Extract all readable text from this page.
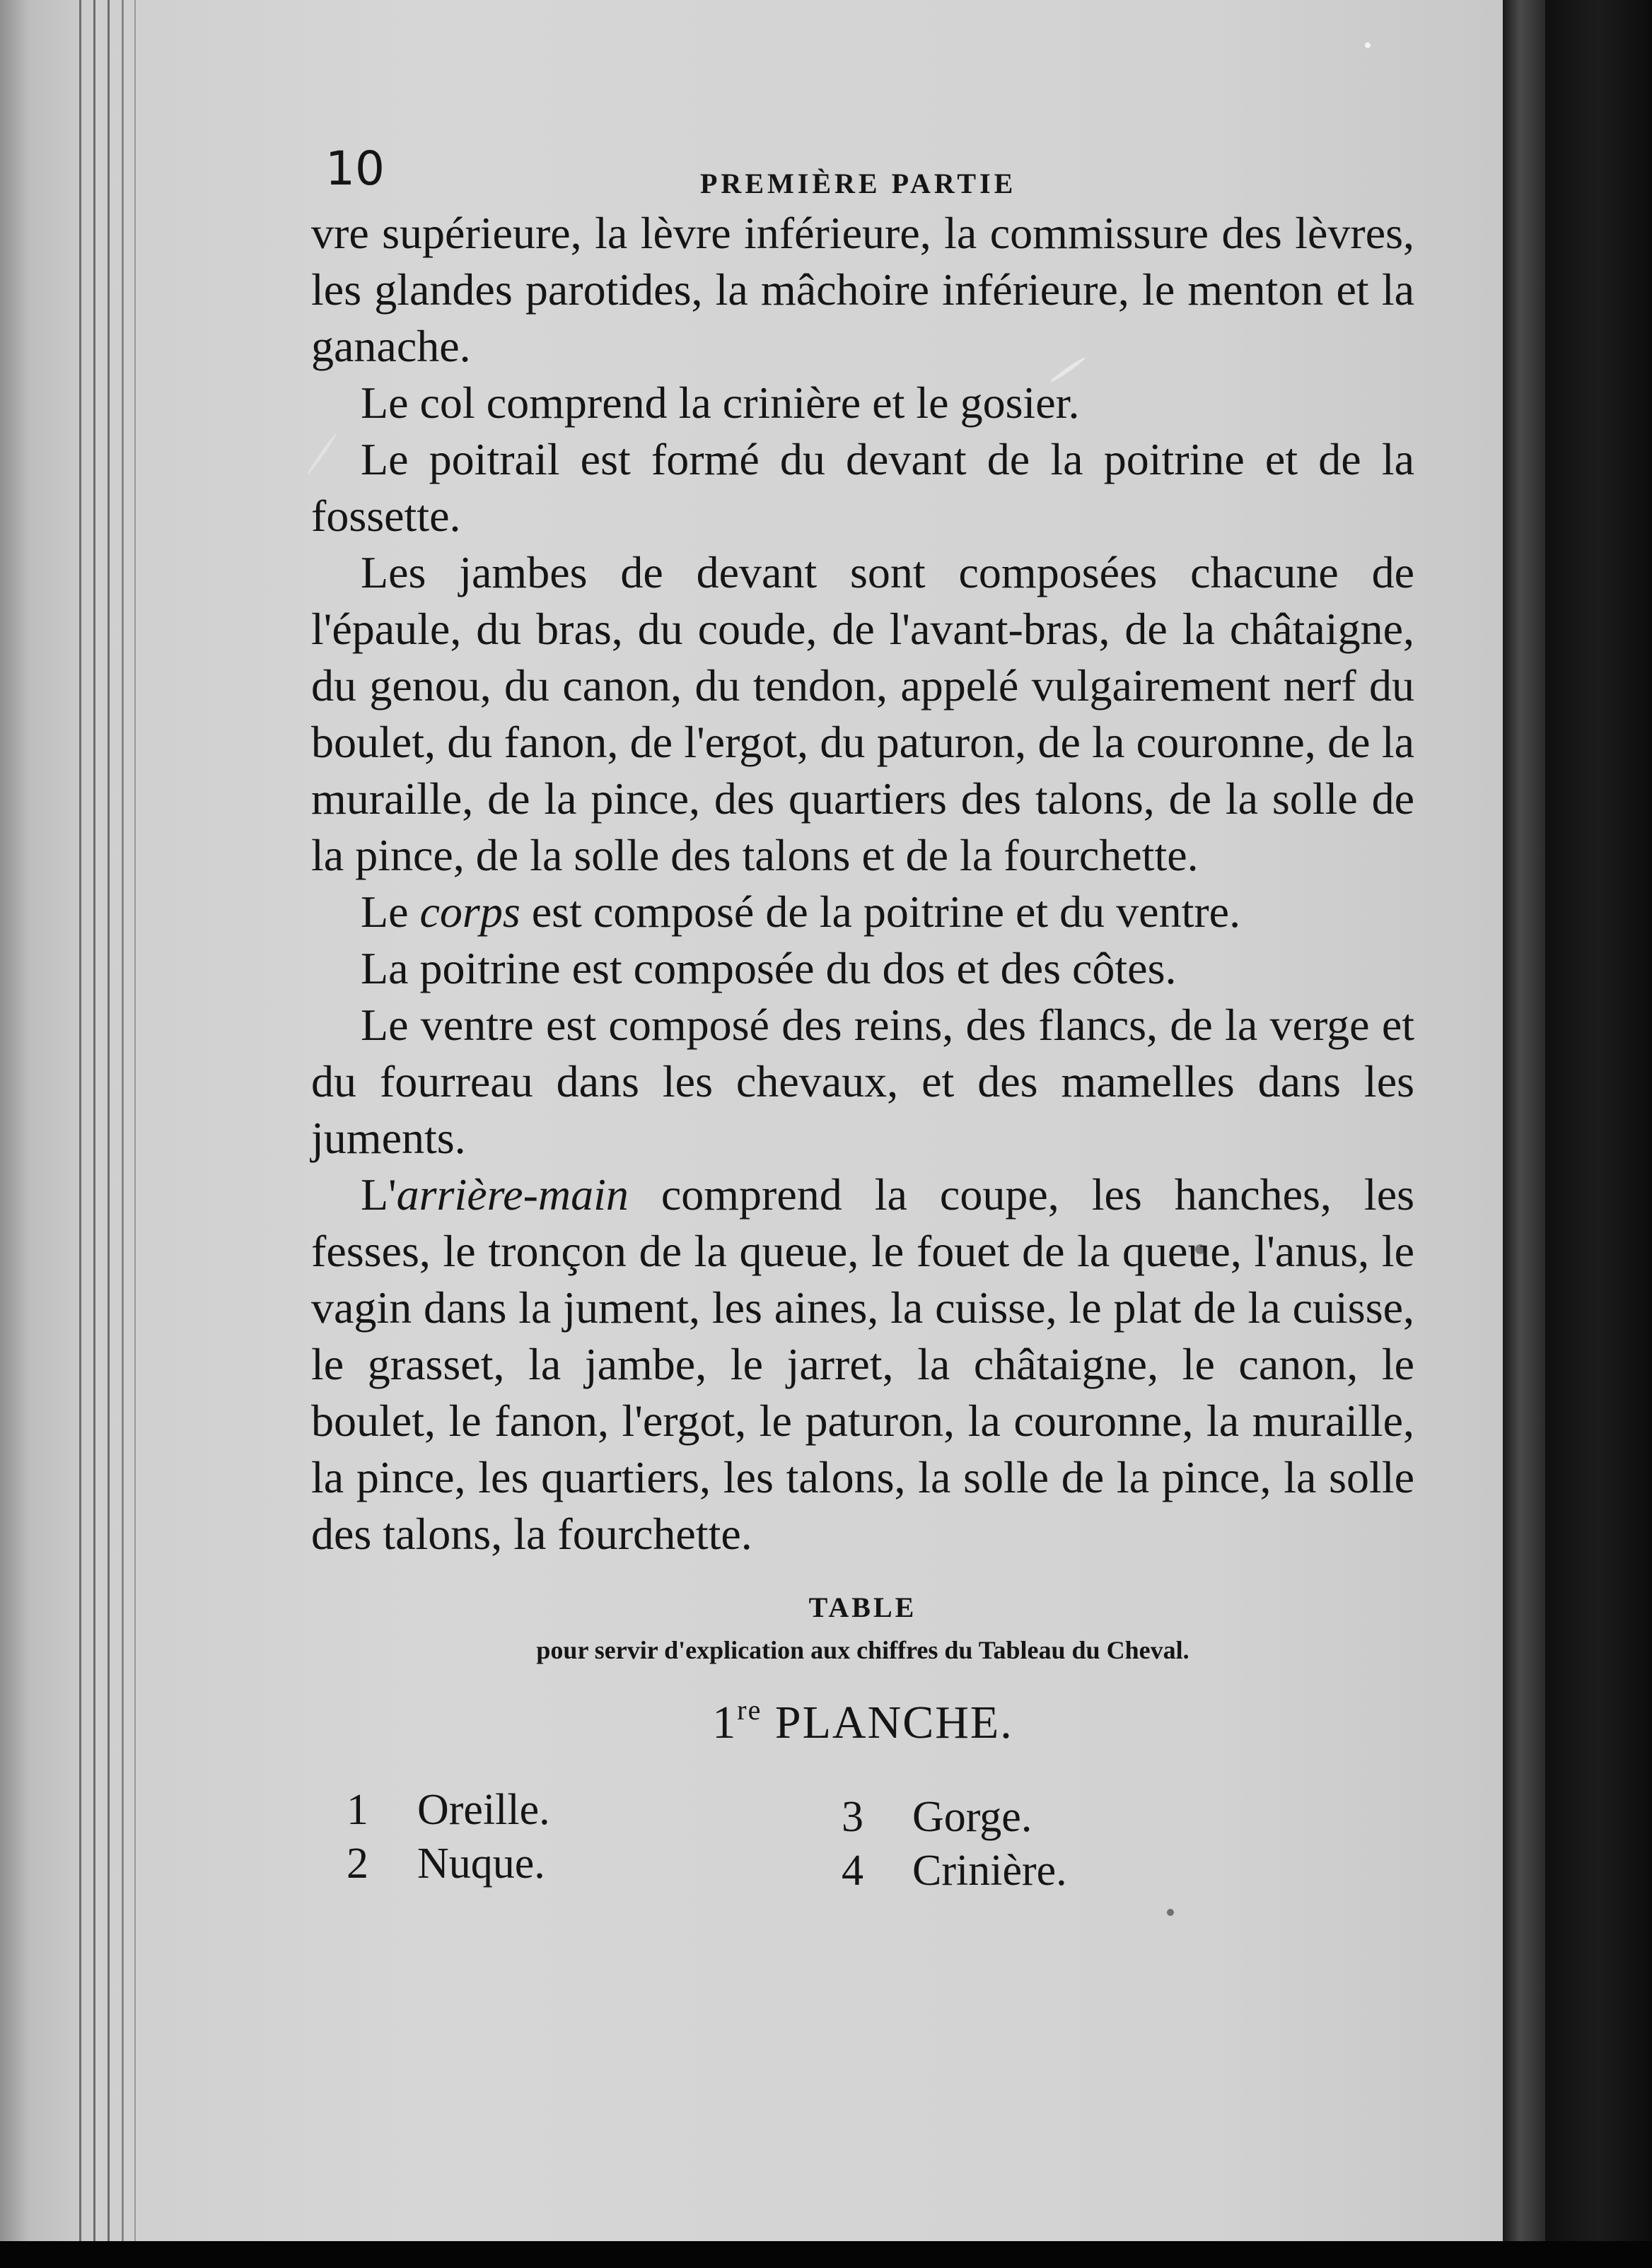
10	PREMIÈRE PARTIE

vre supérieure, la lèvre inférieure, la commissure des lèvres, les glandes parotides, la mâchoire inférieure, le menton et la ganache.

Le col comprend la crinière et le gosier.

Le poitrail est formé du devant de la poitrine et de la fossette.

Les jambes de devant sont composées chacune de l'épaule, du bras, du coude, de l'avant-bras, de la châtaigne, du genou, du canon, du tendon, appelé vulgairement nerf du boulet, du fanon, de l'ergot, du paturon, de la couronne, de la muraille, de la pince, des quartiers des talons, de la solle de la pince, de la solle des talons et de la fourchette.

Le corps est composé de la poitrine et du ventre.

La poitrine est composée du dos et des côtes.

Le ventre est composé des reins, des flancs, de la verge et du fourreau dans les chevaux, et des mamelles dans les juments.

L'arrière-main comprend la coupe, les hanches, les fesses, le tronçon de la queue, le fouet de la queue, l'anus, le vagin dans la jument, les aines, la cuisse, le plat de la cuisse, le grasset, la jambe, le jarret, la châtaigne, le canon, le boulet, le fanon, l'ergot, le paturon, la couronne, la muraille, la pince, les quartiers, les talons, la solle de la pince, la solle des talons, la fourchette.

TABLE
pour servir d'explication aux chiffres du Tableau du Cheval.
1re PLANCHE.
1 Oreille.
2 Nuque.
3 Gorge.
4 Crinière.
